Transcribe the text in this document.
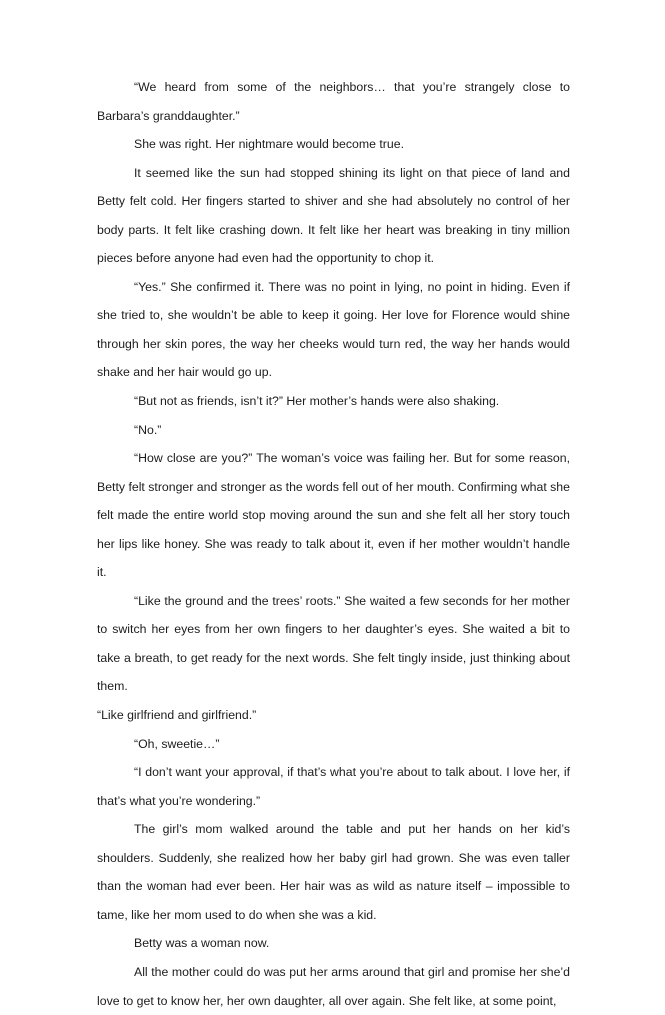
“We heard from some of the neighbors… that you’re strangely close to Barbara’s granddaughter.”

She was right. Her nightmare would become true.

It seemed like the sun had stopped shining its light on that piece of land and Betty felt cold. Her fingers started to shiver and she had absolutely no control of her body parts. It felt like crashing down. It felt like her heart was breaking in tiny million pieces before anyone had even had the opportunity to chop it.

“Yes.” She confirmed it. There was no point in lying, no point in hiding. Even if she tried to, she wouldn’t be able to keep it going. Her love for Florence would shine through her skin pores, the way her cheeks would turn red, the way her hands would shake and her hair would go up.

“But not as friends, isn’t it?” Her mother’s hands were also shaking.

“No.”

“How close are you?” The woman’s voice was failing her. But for some reason, Betty felt stronger and stronger as the words fell out of her mouth. Confirming what she felt made the entire world stop moving around the sun and she felt all her story touch her lips like honey. She was ready to talk about it, even if her mother wouldn’t handle it.

“Like the ground and the trees’ roots.” She waited a few seconds for her mother to switch her eyes from her own fingers to her daughter’s eyes. She waited a bit to take a breath, to get ready for the next words. She felt tingly inside, just thinking about them.

“Like girlfriend and girlfriend.”

“Oh, sweetie…”

“I don’t want your approval, if that’s what you’re about to talk about. I love her, if that’s what you’re wondering.”

The girl’s mom walked around the table and put her hands on her kid’s shoulders. Suddenly, she realized how her baby girl had grown. She was even taller than the woman had ever been. Her hair was as wild as nature itself – impossible to tame, like her mom used to do when she was a kid.

Betty was a woman now.

All the mother could do was put her arms around that girl and promise her she’d love to get to know her, her own daughter, all over again. She felt like, at some point,
